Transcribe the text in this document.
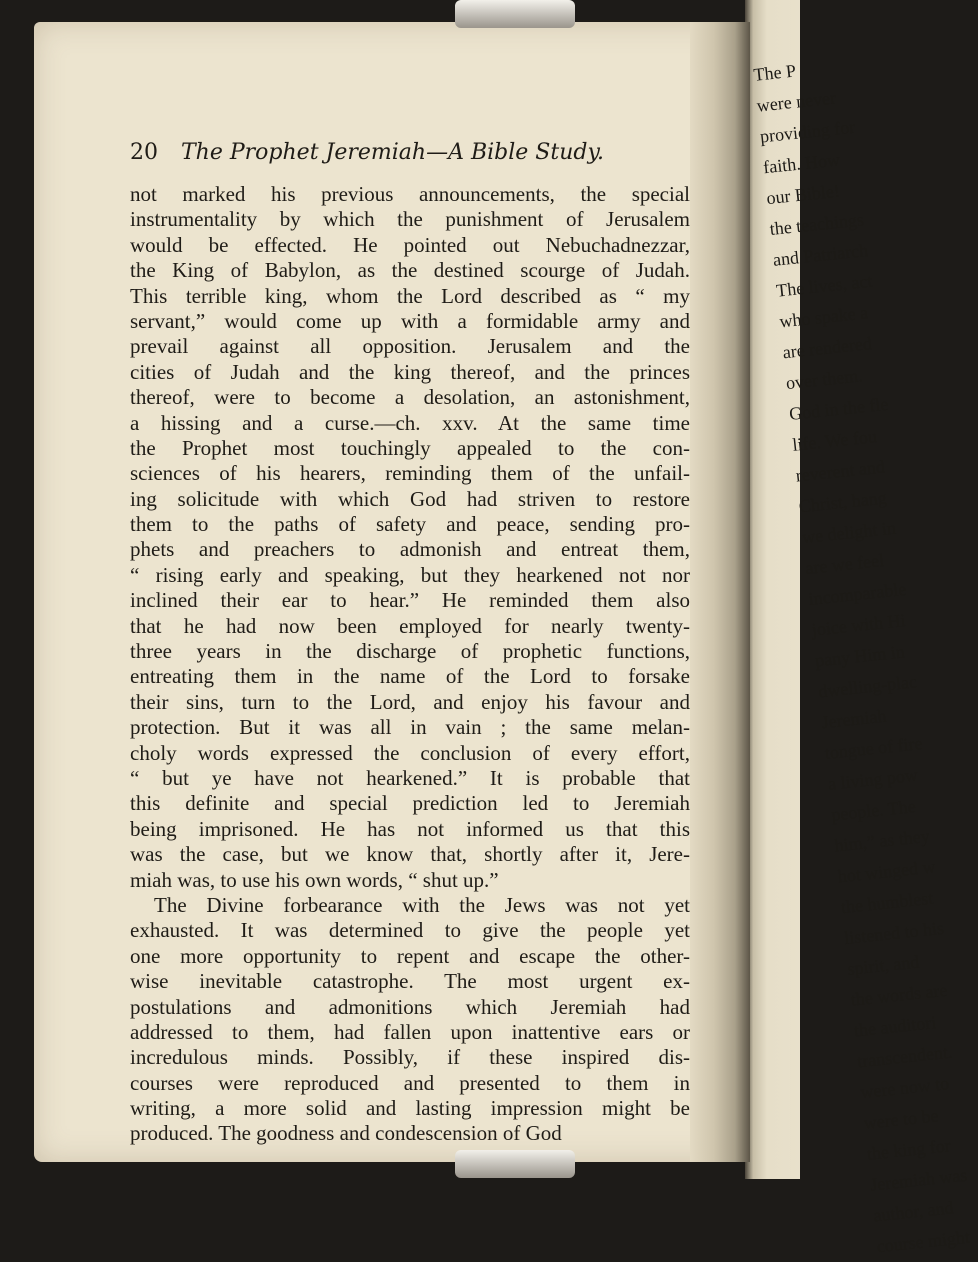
20 The Prophet Jeremiah—A Bible Study.
not marked his previous announcements, the special
instrumentality by which the punishment of Jerusalem
would be effected. He pointed out Nebuchadnezzar,
the King of Babylon, as the destined scourge of Judah.
This terrible king, whom the Lord described as “ my
servant,” would come up with a formidable army and
prevail against all opposition. Jerusalem and the
cities of Judah and the king thereof, and the princes
thereof, were to become a desolation, an astonishment,
a hissing and a curse.—ch. xxv. At the same time
the Prophet most touchingly appealed to the con-
sciences of his hearers, reminding them of the unfail-
ing solicitude with which God had striven to restore
them to the paths of safety and peace, sending pro-
phets and preachers to admonish and entreat them,
“ rising early and speaking, but they hearkened not nor
inclined their ear to hear.” He reminded them also
that he had now been employed for nearly twenty-
three years in the discharge of prophetic functions,
entreating them in the name of the Lord to forsake
their sins, turn to the Lord, and enjoy his favour and
protection. But it was all in vain ; the same melan-
choly words expressed the conclusion of every effort,
“ but ye have not hearkened.” It is probable that
this definite and special prediction led to Jeremiah
being imprisoned. He has not informed us that this
was the case, but we know that, shortly after it, Jere-
miah was, to use his own words, “ shut up.”
The Divine forbearance with the Jews was not yet
exhausted. It was determined to give the people yet
one more opportunity to repent and escape the other-
wise inevitable catastrophe. The most urgent ex-
postulations and admonitions which Jeremiah had
addressed to them, had fallen upon inattentive ears or
incredulous minds. Possibly, if these inspired dis-
courses were reproduced and presented to them in
writing, a more solid and lasting impression might be
produced. The goodness and condescension of God
The P
were never
providing for
faith. How
our Bible!
the teachings
and Patriarch
The lives, act
who spake a
are rendered
over them.
God in the fle
life. We fou
reverent and
Christ, hang
we delight in
are we feel
incomparable
joice with Hi
pany Him in
dwelling-plac
Jeremiah
tongue of fire
a living pow
people. The
him,” as they
hot winged w
the humblest
listened to his
spirit, and
the words are
the auditori
transcendent.
were now to
were to be
the king for
Jeremiah was
author, and
course might
